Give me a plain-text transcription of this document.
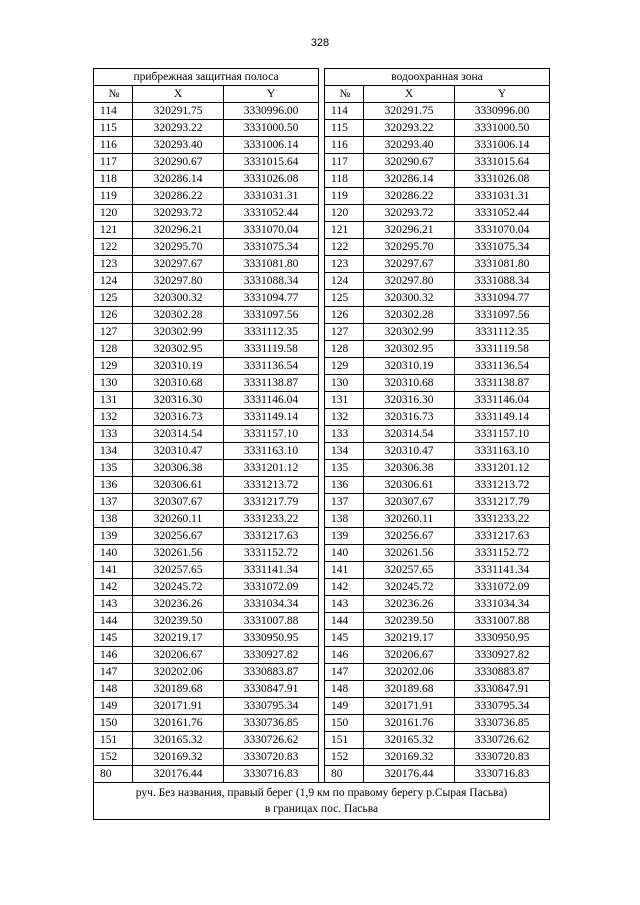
328
прибрежная защитная полоса				водоохранная зона		
№	X	Y		№	X	Y
114	320291.75	3330996.00		114	320291.75	3330996.00
115	320293.22	3331000.50		115	320293.22	3331000.50
116	320293.40	3331006.14		116	320293.40	3331006.14
117	320290.67	3331015.64		117	320290.67	3331015.64
118	320286.14	3331026.08		118	320286.14	3331026.08
119	320286.22	3331031.31		119	320286.22	3331031.31
120	320293.72	3331052.44		120	320293.72	3331052.44
121	320296.21	3331070.04		121	320296.21	3331070.04
122	320295.70	3331075.34		122	320295.70	3331075.34
123	320297.67	3331081.80		123	320297.67	3331081.80
124	320297.80	3331088.34		124	320297.80	3331088.34
125	320300.32	3331094.77		125	320300.32	3331094.77
126	320302.28	3331097.56		126	320302.28	3331097.56
127	320302.99	3331112.35		127	320302.99	3331112.35
128	320302.95	3331119.58		128	320302.95	3331119.58
129	320310.19	3331136.54		129	320310.19	3331136.54
130	320310.68	3331138.87		130	320310.68	3331138.87
131	320316.30	3331146.04		131	320316.30	3331146.04
132	320316.73	3331149.14		132	320316.73	3331149.14
133	320314.54	3331157.10		133	320314.54	3331157.10
134	320310.47	3331163.10		134	320310.47	3331163.10
135	320306.38	3331201.12		135	320306.38	3331201.12
136	320306.61	3331213.72		136	320306.61	3331213.72
137	320307.67	3331217.79		137	320307.67	3331217.79
138	320260.11	3331233.22		138	320260.11	3331233.22
139	320256.67	3331217.63		139	320256.67	3331217.63
140	320261.56	3331152.72		140	320261.56	3331152.72
141	320257.65	3331141.34		141	320257.65	3331141.34
142	320245.72	3331072.09		142	320245.72	3331072.09
143	320236.26	3331034.34		143	320236.26	3331034.34
144	320239.50	3331007.88		144	320239.50	3331007.88
145	320219.17	3330950.95		145	320219.17	3330950.95
146	320206.67	3330927.82		146	320206.67	3330927.82
147	320202.06	3330883.87		147	320202.06	3330883.87
148	320189.68	3330847.91		148	320189.68	3330847.91
149	320171.91	3330795.34		149	320171.91	3330795.34
150	320161.76	3330736.85		150	320161.76	3330736.85
151	320165.32	3330726.62		151	320165.32	3330726.62
152	320169.32	3330720.83		152	320169.32	3330720.83
80	320176.44	3330716.83		80	320176.44	3330716.83

руч. Без названия, правый берег (1,9 км по правому берегу р.Сырая Пасьва)
в границах пос. Пасьва						
